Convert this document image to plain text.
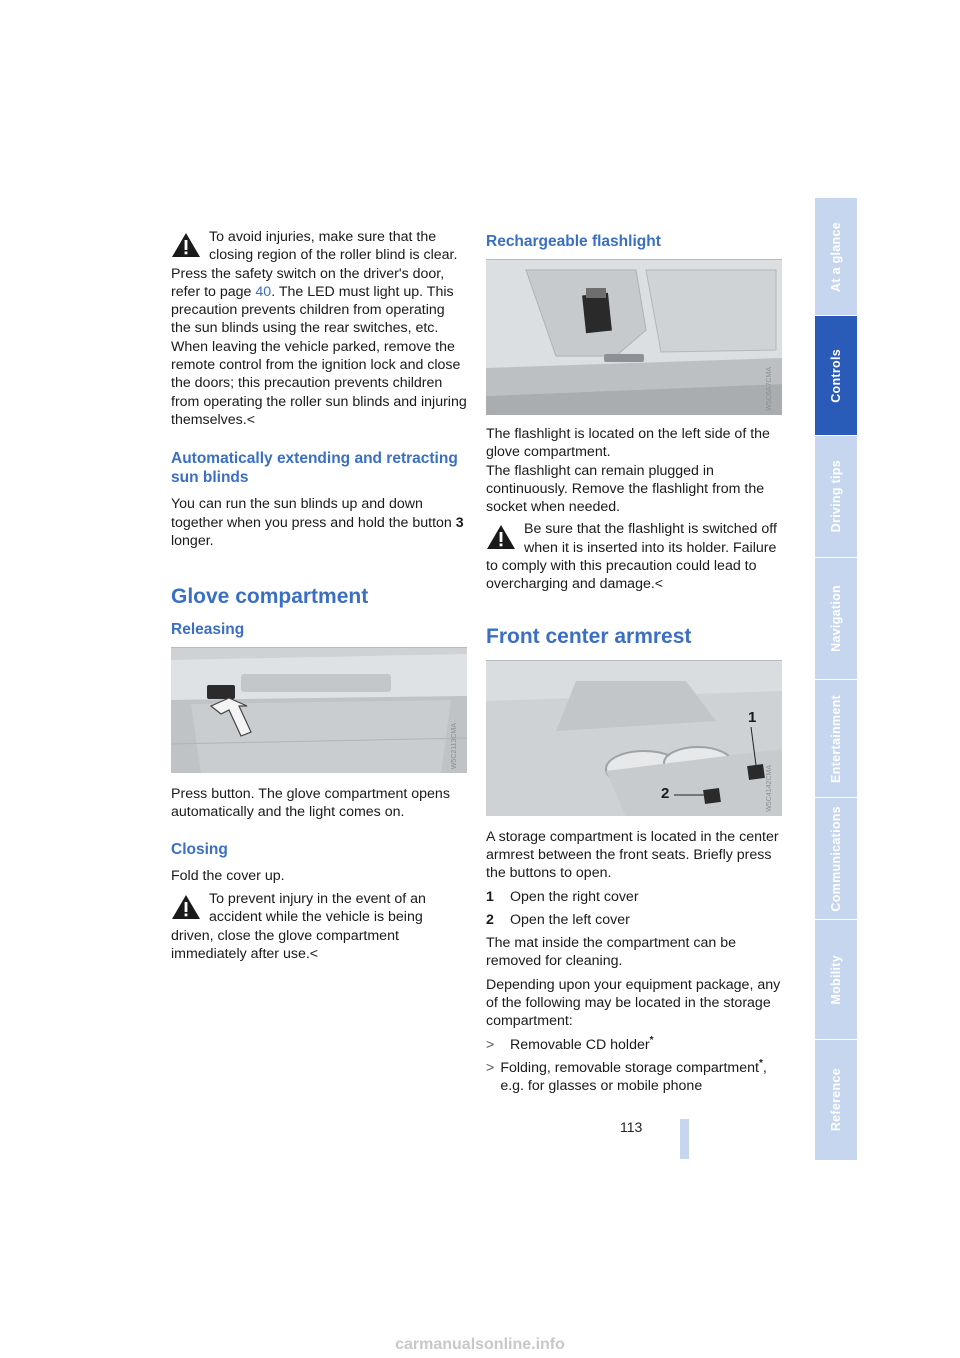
To avoid injuries, make sure that the closing region of the roller blind is clear. Press the safety switch on the driver's door, refer to page 40. The LED must light up. This precaution prevents children from operating the sun blinds using the rear switches, etc. When leaving the vehicle parked, remove the remote control from the ignition lock and close the doors; this precaution prevents children from operating the roller sun blinds and injuring themselves.<

Automatically extending and retracting sun blinds

You can run the sun blinds up and down together when you press and hold the button 3 longer.

Glove compartment
Releasing
W5C2113CMA

Press button. The glove compartment opens automatically and the light comes on.

Closing

Fold the cover up.

To prevent injury in the event of an accident while the vehicle is being driven, close the glove compartment immediately after use.<

Rechargeable flashlight
W5C6A7CMA

The flashlight is located on the left side of the glove compartment.

The flashlight can remain plugged in continuously. Remove the flashlight from the socket when needed.

Be sure that the flashlight is switched off when it is inserted into its holder. Failure to comply with this precaution could lead to overcharging and damage.<

Front center armrest
1
2	W5C4142CMA

A storage compartment is located in the center armrest between the front seats. Briefly press the buttons to open.

1	Open the right cover
2	Open the left cover

The mat inside the compartment can be removed for cleaning.

Depending upon your equipment package, any of the following may be located in the storage compartment:

>	Removable CD holder*
> Folding, removable storage compartment*, e.g. for glasses or mobile phone
113
At a glance
Controls
Driving tips
Navigation
Entertainment
Communications
Mobility
Reference
carmanualsonline.info
